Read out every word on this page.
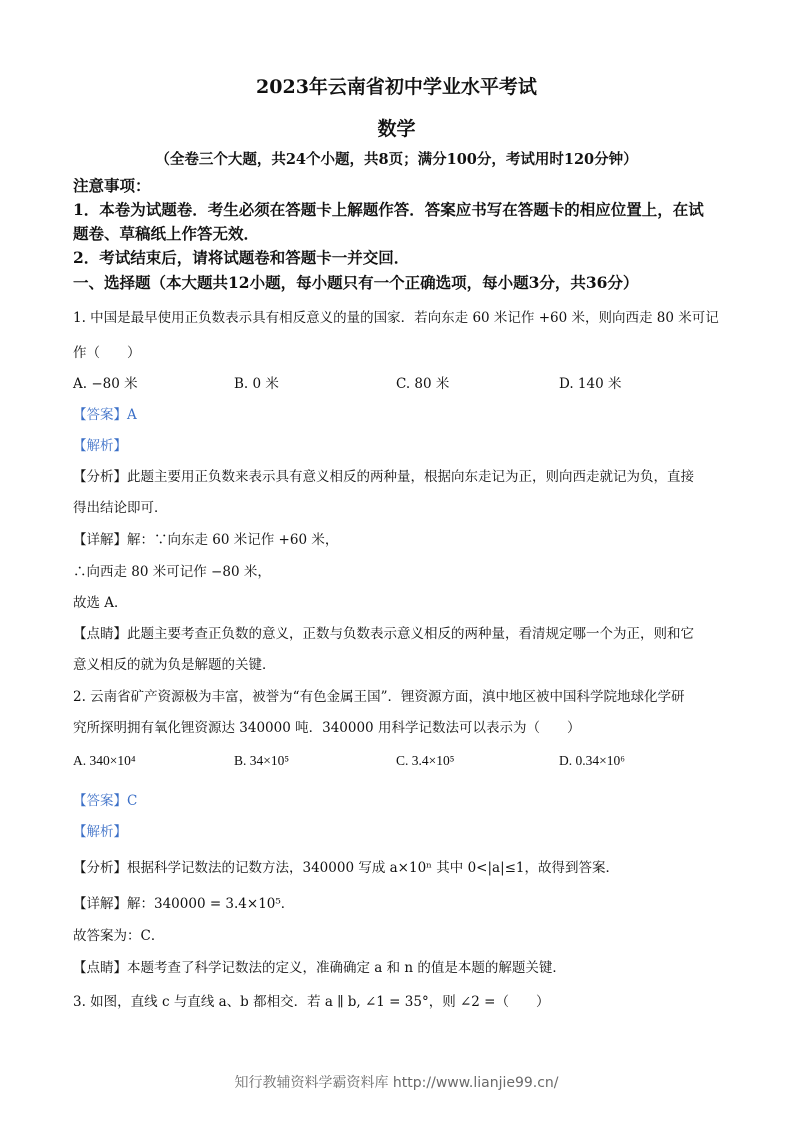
2023年云南省初中学业水平考试
数学
（全卷三个大题，共24个小题，共8页；满分100分，考试用时120分钟）
注意事项：
1．本卷为试题卷．考生必须在答题卡上解题作答．答案应书写在答题卡的相应位置上，在试
题卷、草稿纸上作答无效．
2．考试结束后，请将试题卷和答题卡一并交回．
一、选择题（本大题共12小题，每小题只有一个正确选项，每小题3分，共36分）
1. 中国是最早使用正负数表示具有相反意义的量的国家．若向东走 60 米记作 +60 米，则向西走 80 米可记
作（　　）
A. −80 米	B. 0 米	C. 80 米	D. 140 米
【答案】A
【解析】
【分析】此题主要用正负数来表示具有意义相反的两种量，根据向东走记为正，则向西走就记为负，直接
得出结论即可．
【详解】解：∵向东走 60 米记作 +60 米，
∴向西走 80 米可记作 −80 米，
故选 A．
【点睛】此题主要考查正负数的意义，正数与负数表示意义相反的两种量，看清规定哪一个为正，则和它
意义相反的就为负是解题的关键．
2. 云南省矿产资源极为丰富，被誉为“有色金属王国”．锂资源方面，滇中地区被中国科学院地球化学研
究所探明拥有氧化锂资源达 340000 吨．340000 用科学记数法可以表示为（　　）
A. 340×10⁴	B. 34×10⁵	C. 3.4×10⁵	D. 0.34×10⁶
【答案】C
【解析】
【分析】根据科学记数法的记数方法，340000 写成 a×10ⁿ 其中 0<|a|≤1，故得到答案．
【详解】解：340000 = 3.4×10⁵．
故答案为：C．
【点睛】本题考查了科学记数法的定义，准确确定 a 和 n 的值是本题的解题关键．
3. 如图，直线 c 与直线 a、b 都相交．若 a ∥ b, ∠1 = 35°，则 ∠2 =（　　）
知行教辅资料学霸资料库 http://www.lianjie99.cn/
